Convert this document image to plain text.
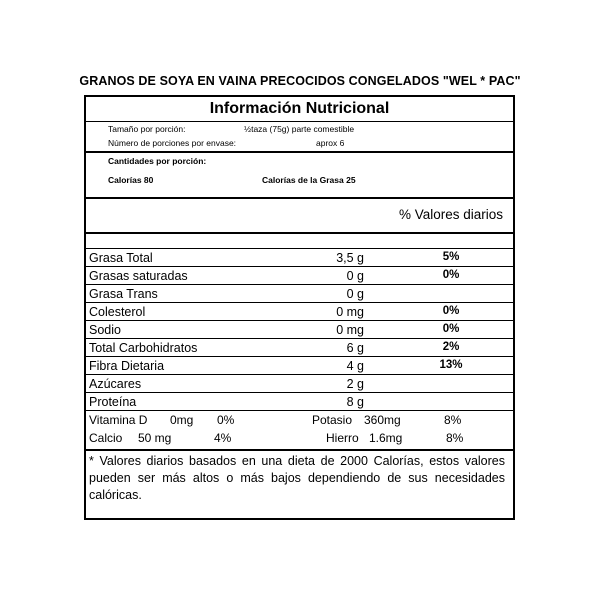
GRANOS DE SOYA EN VAINA PRECOCIDOS CONGELADOS "WEL * PAC"
Información Nutricional
Tamaño por porción:	½taza (75g) parte comestible
Número de porciones por envase:	aprox 6
Cantidades por porción:
Calorías 80	Calorías de la Grasa 25
% Valores diarios
Grasa Total	3,5 g	5%
Grasas saturadas	0 g	0%
Grasa Trans	0 g
Colesterol	0 mg	0%
Sodio	0 mg	0%
Total Carbohidratos	6 g	2%
Fibra Dietaria	4 g	13%
Azúcares	2 g
Proteína	8 g
Vitamina D 0mg 0%	Potasio 360mg	8%
Calcio 50 mg	4%	Hierro 1.6mg	8%
* Valores diarios basados en una dieta de 2000 Calorías, estos valores pueden ser más altos o más bajos dependiendo de sus necesidades calóricas.
